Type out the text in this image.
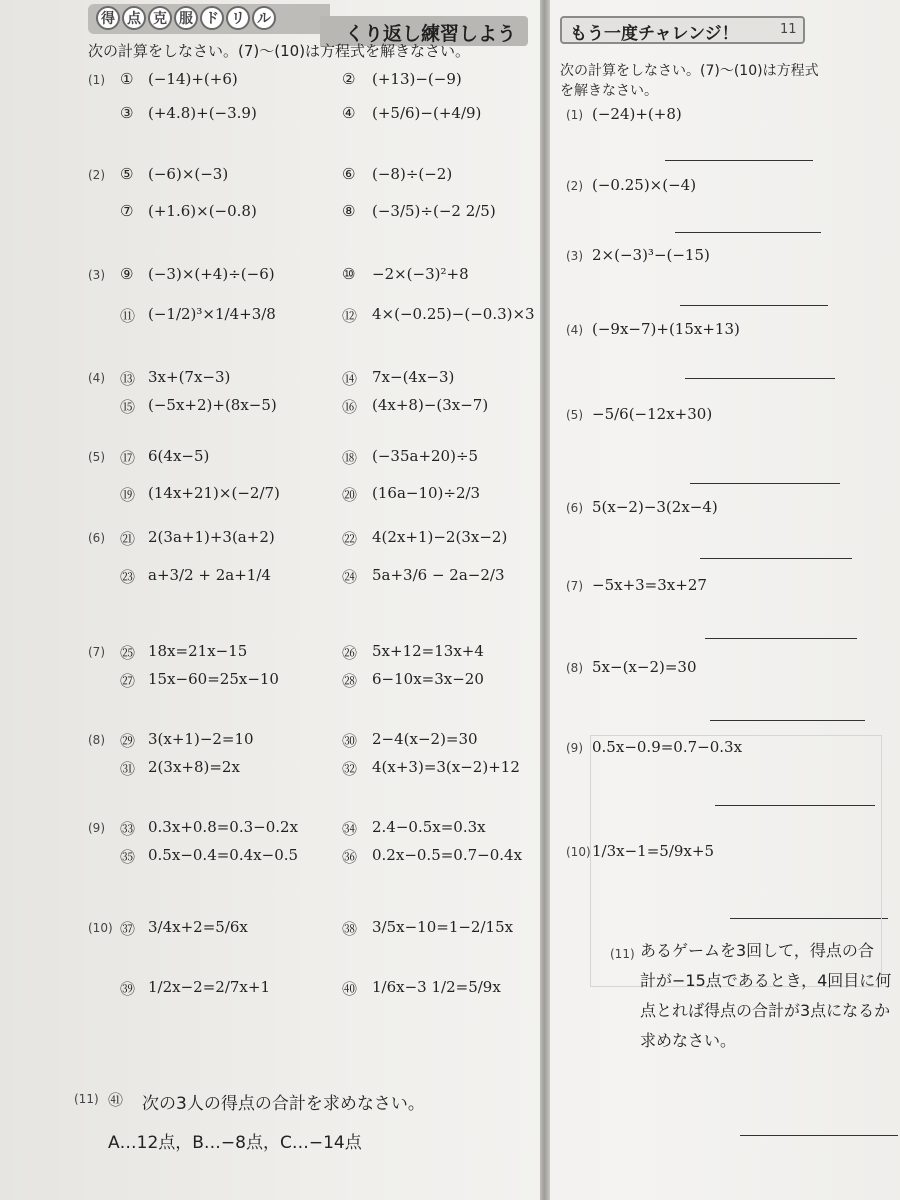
得 点 克 服 ド リ ル
くり返し練習しよう	もう一度チャレンジ！	11
次の計算をしなさい。(7)〜(10)は方程式を解きなさい。
(1) ① (−14)+(+6)	② (+13)−(−9)
③ (+4.8)+(−3.9)	④ (+5/6)−(+4/9)
(2) ⑤ (−6)×(−3)	⑥ (−8)÷(−2)
⑦ (+1.6)×(−0.8)	⑧ (−3/5)÷(−2 2/5)
(3) ⑨ (−3)×(+4)÷(−6)	⑩ −2×(−3)²+8
⑪ (−1/2)³×1/4+3/8	⑫ 4×(−0.25)−(−0.3)×3
(4) ⑬ 3x+(7x−3)	⑭ 7x−(4x−3)
⑮ (−5x+2)+(8x−5)	⑯ (4x+8)−(3x−7)
(5) ⑰ 6(4x−5)	⑱ (−35a+20)÷5
⑲ (14x+21)×(−2/7)	⑳ (16a−10)÷2/3
(6) ㉑ 2(3a+1)+3(a+2)	㉒ 4(2x+1)−2(3x−2)
㉓ a+3/2 + 2a+1/4	㉔ 5a+3/6 − 2a−2/3
(7) ㉕ 18x=21x−15	㉖ 5x+12=13x+4
㉗ 15x−60=25x−10	㉘ 6−10x=3x−20
(8) ㉙ 3(x+1)−2=10	㉚ 2−4(x−2)=30
㉛ 2(3x+8)=2x	㉜ 4(x+3)=3(x−2)+12
(9) ㉝ 0.3x+0.8=0.3−0.2x	㉞ 2.4−0.5x=0.3x
㉟ 0.5x−0.4=0.4x−0.5	㊱ 0.2x−0.5=0.7−0.4x
(10) ㊲ 3/4x+2=5/6x	㊳ 3/5x−10=1−2/15x
㊴ 1/2x−2=2/7x+1	㊵ 1/6x−3 1/2=5/9x
(11) ㊶ 次の3人の得点の合計を求めなさい。
A…12点，B…−8点，C…−14点
次の計算をしなさい。(7)〜(10)は方程式
を解きなさい。
(1) (−24)+(+8)
(2) (−0.25)×(−4)
(3) 2×(−3)³−(−15)
(4) (−9x−7)+(15x+13)
(5) −5/6(−12x+30)
(6) 5(x−2)−3(2x−4)
(7) −5x+3=3x+27
(8) 5x−(x−2)=30
(9) 0.5x−0.9=0.7−0.3x
(10) 1/3x−1=5/9x+5
(11) あるゲームを3回して，得点の合
計が−15点であるとき，4回目に何
点とれば得点の合計が3点になるか
求めなさい。
